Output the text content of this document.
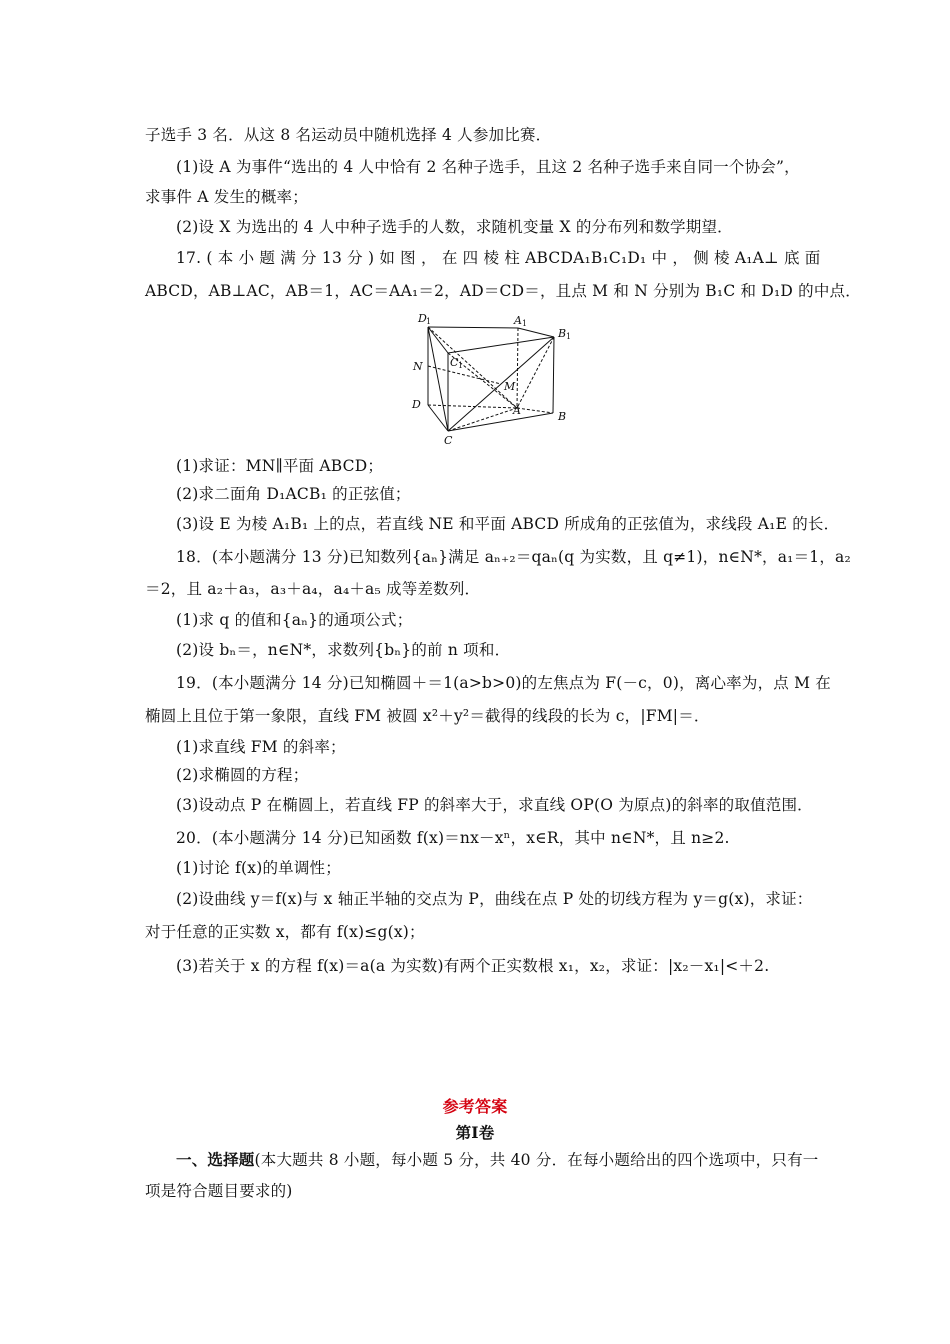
子选手 3 名．从这 8 名运动员中随机选择 4 人参加比赛．
(1)设 A 为事件“选出的 4 人中恰有 2 名种子选手，且这 2 名种子选手来自同一个协会”，
求事件 A 发生的概率；
(2)设 X 为选出的 4 人中种子选手的人数，求随机变量 X 的分布列和数学期望．
17. ( 本 小 题 满 分 13 分 ) 如 图 ， 在 四 棱 柱 ABCDA₁B₁C₁D₁ 中 ， 侧 棱 A₁A⊥ 底 面
ABCD，AB⊥AC，AB＝1，AC＝AA₁＝2，AD＝CD＝，且点 M 和 N 分别为 B₁C 和 D₁D 的中点．
D 1	A 1
B 1
C 1
N
M
D	A	B
C
(1)求证：MN∥平面 ABCD；
(2)求二面角 D₁ACB₁ 的正弦值；
(3)设 E 为棱 A₁B₁ 上的点，若直线 NE 和平面 ABCD 所成角的正弦值为，求线段 A₁E 的长．
18．(本小题满分 13 分)已知数列{aₙ}满足 aₙ₊₂＝qaₙ(q 为实数，且 q≠1)，n∈N*，a₁＝1，a₂
＝2，且 a₂＋a₃，a₃＋a₄，a₄＋a₅ 成等差数列．
(1)求 q 的值和{aₙ}的通项公式；
(2)设 bₙ＝，n∈N*，求数列{bₙ}的前 n 项和．
19．(本小题满分 14 分)已知椭圆＋＝1(a>b>0)的左焦点为 F(－c，0)，离心率为，点 M 在
椭圆上且位于第一象限，直线 FM 被圆 x²＋y²＝截得的线段的长为 c，|FM|＝．
(1)求直线 FM 的斜率；
(2)求椭圆的方程；
(3)设动点 P 在椭圆上，若直线 FP 的斜率大于，求直线 OP(O 为原点)的斜率的取值范围．
20．(本小题满分 14 分)已知函数 f(x)＝nx－xⁿ，x∈R，其中 n∈N*，且 n≥2.
(1)讨论 f(x)的单调性；
(2)设曲线 y＝f(x)与 x 轴正半轴的交点为 P，曲线在点 P 处的切线方程为 y＝g(x)，求证：
对于任意的正实数 x，都有 f(x)≤g(x)；
(3)若关于 x 的方程 f(x)＝a(a 为实数)有两个正实数根 x₁，x₂，求证：|x₂－x₁|<＋2.
参考答案
第Ⅰ卷
一、选择题(本大题共 8 小题，每小题 5 分，共 40 分．在每小题给出的四个选项中，只有一
项是符合题目要求的)
